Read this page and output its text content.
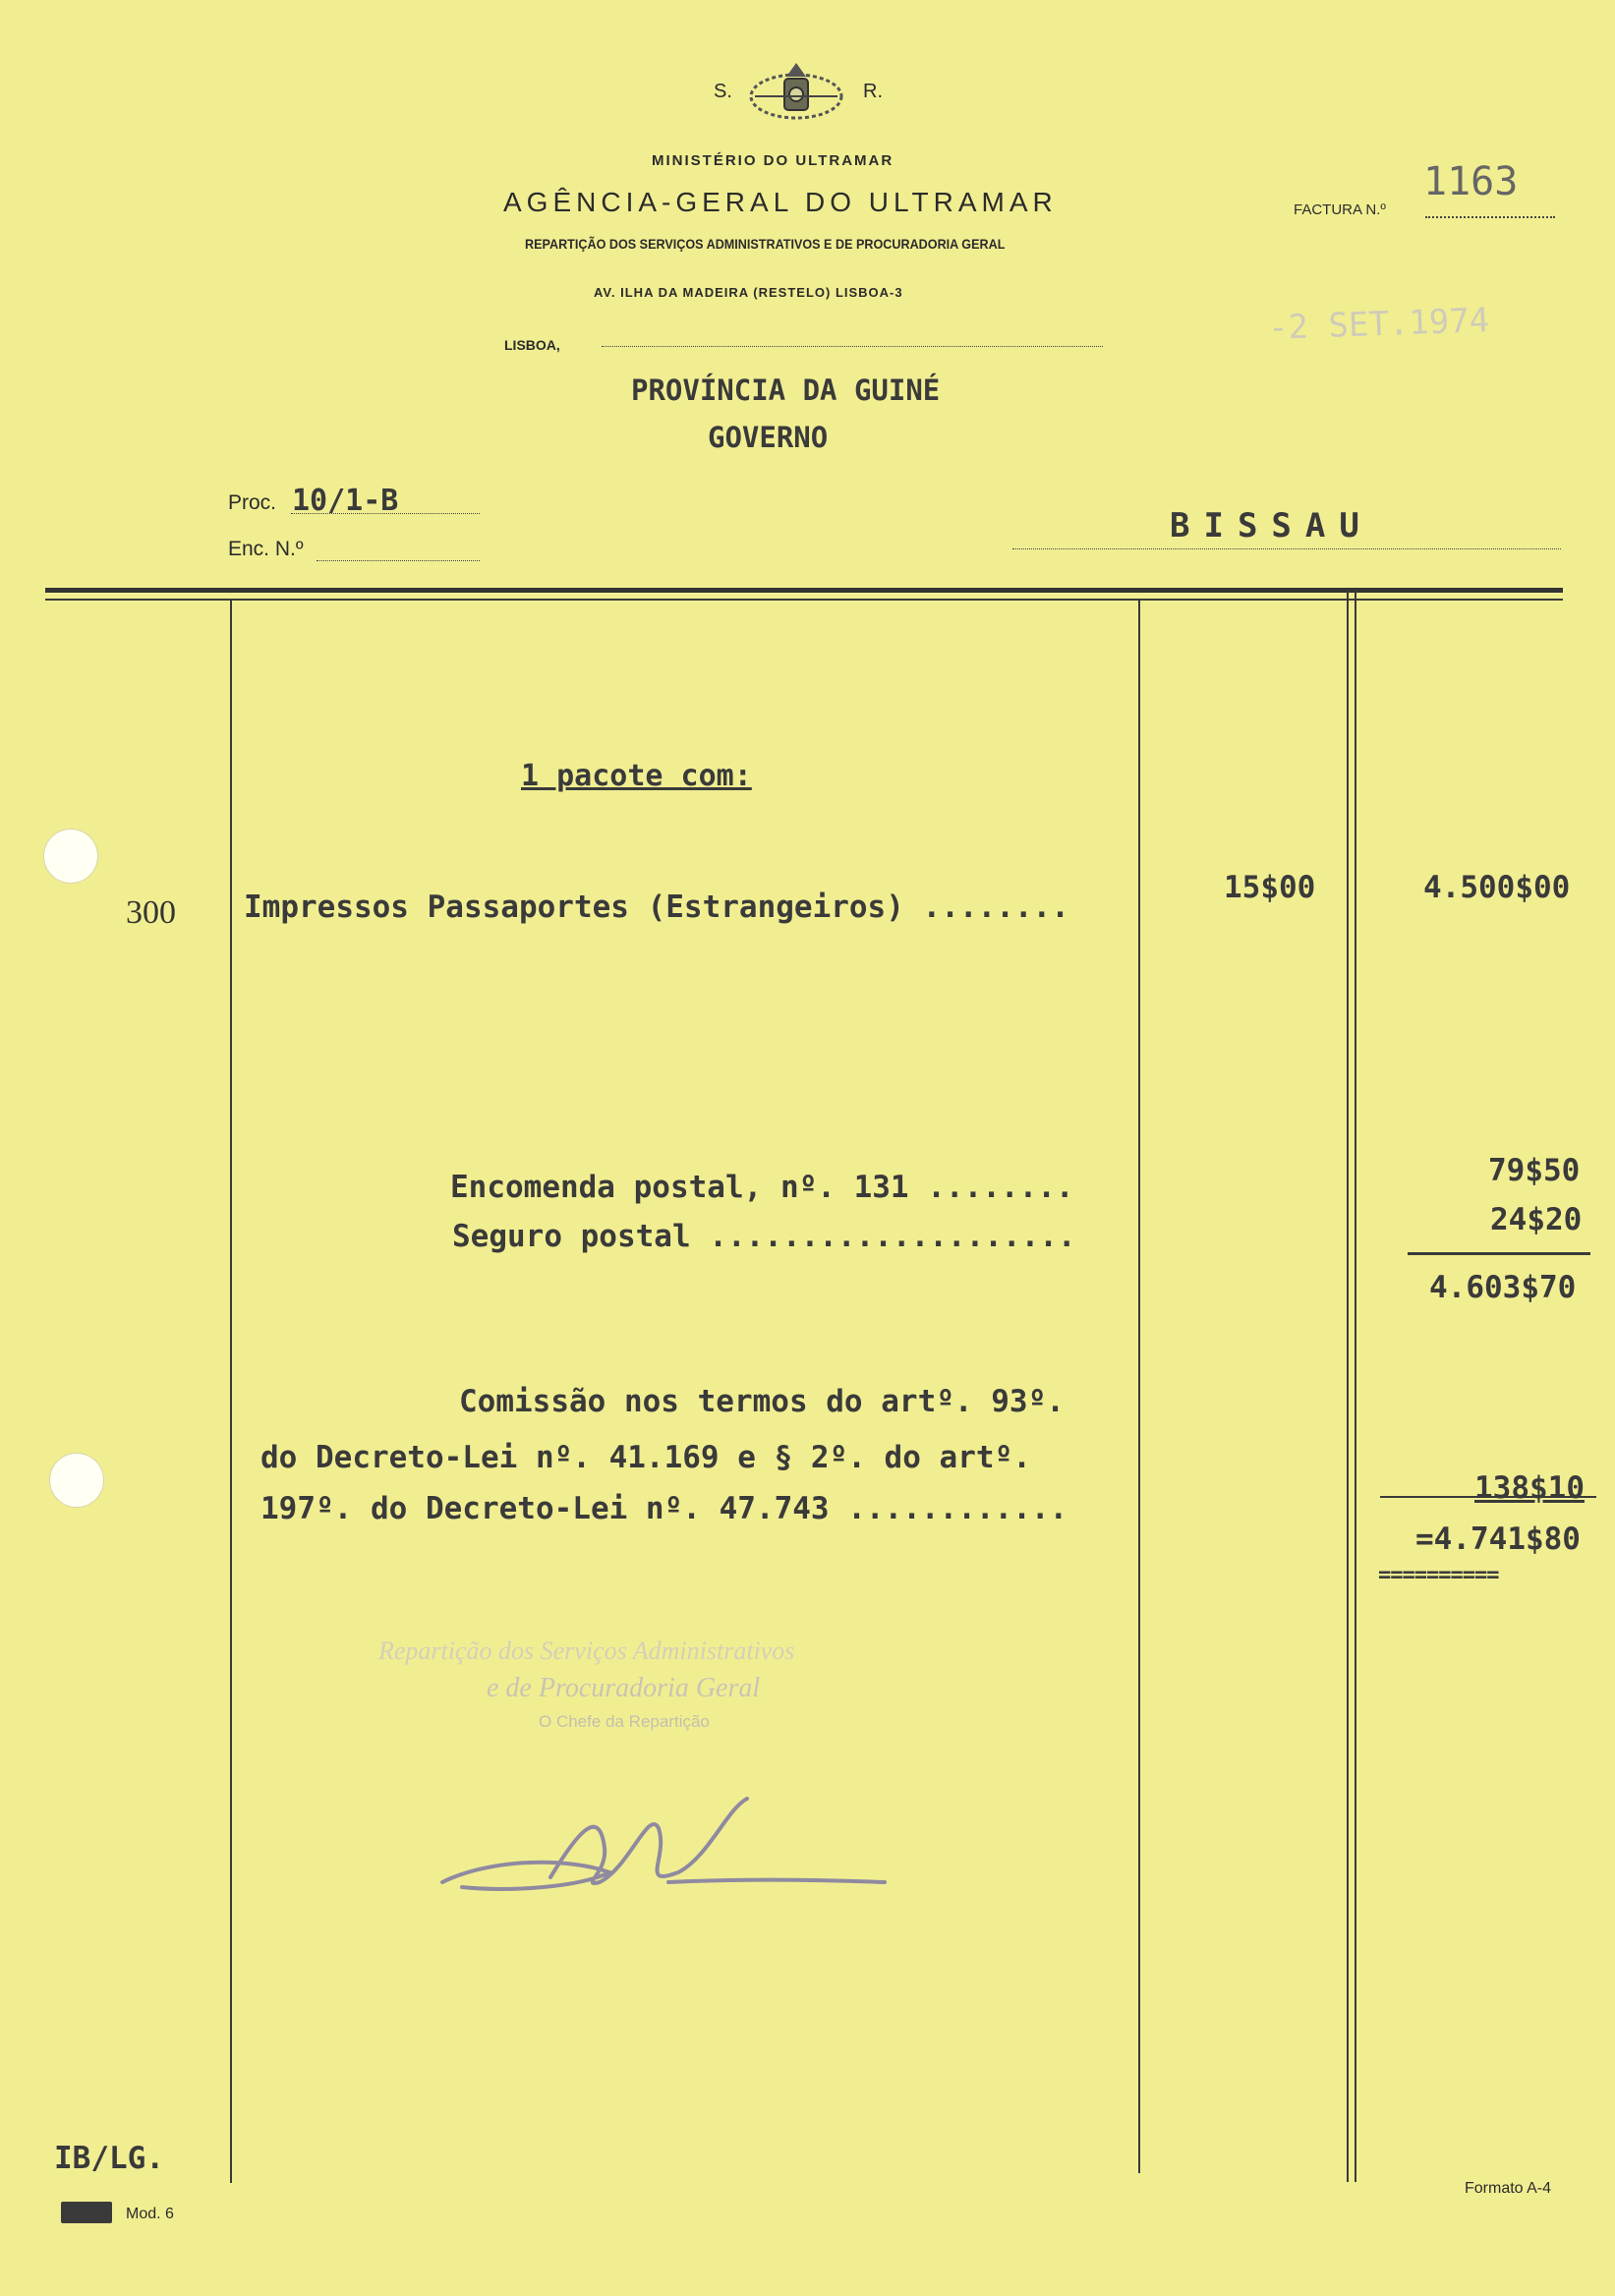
S.	R.
MINISTÉRIO DO ULTRAMAR
AGÊNCIA-GERAL DO ULTRAMAR
REPARTIÇÃO DOS SERVIÇOS ADMINISTRATIVOS E DE PROCURADORIA GERAL
AV. ILHA DA MADEIRA (RESTELO) LISBOA-3
LISBOA,
FACTURA N.º
1163
-2 SET.1974
PROVÍNCIA DA GUINÉ
GOVERNO
Proc. 10/1-B
Enc. N.º
BISSAU
1 pacote com:
300 Impressos Passaportes (Estrangeiros) ........
15$00	4.500$00
Encomenda postal, nº. 131 ........	79$50
Seguro postal ....................	24$20
4.603$70
Comissão nos termos do artº. 93º.
do Decreto-Lei nº. 41.169 e § 2º. do artº.
197º. do Decreto-Lei nº. 47.743 ............
138$10
=4.741$80
==========
Repartição dos Serviços Administrativos
e de Procuradoria Geral
O Chefe da Repartição
IB/LG.
Mod. 6
Formato A-4
